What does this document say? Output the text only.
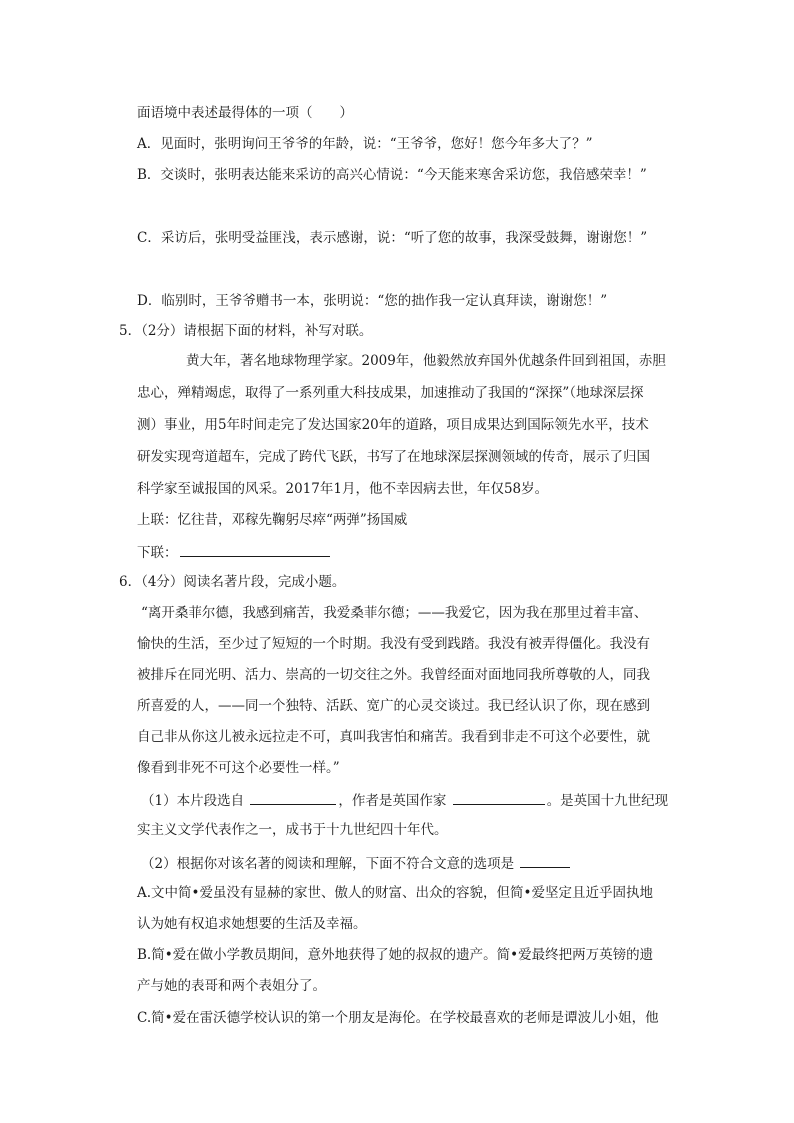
面语境中表述最得体的一项（　　）
A．见面时，张明询问王爷爷的年龄，说：“王爷爷，您好！您今年多大了？”
B．交谈时，张明表达能来采访的高兴心情说：“今天能来寒舍采访您，我倍感荣幸！”
C．采访后，张明受益匪浅，表示感谢，说：“听了您的故事，我深受鼓舞，谢谢您！”
D．临别时，王爷爷赠书一本，张明说：“您的拙作我一定认真拜读，谢谢您！”
5．（2分）请根据下面的材料，补写对联。
黄大年，著名地球物理学家。2009年，他毅然放弃国外优越条件回到祖国，赤胆
忠心，殚精竭虑，取得了一系列重大科技成果，加速推动了我国的“深探”（地球深层探
测）事业，用5年时间走完了发达国家20年的道路，项目成果达到国际领先水平，技术
研发实现弯道超车，完成了跨代飞跃，书写了在地球深层探测领域的传奇，展示了归国
科学家至诚报国的风采。2017年1月，他不幸因病去世，年仅58岁。
上联：忆往昔，邓稼先鞠躬尽瘁“两弹”扬国威
下联：
6．（4分）阅读名著片段，完成小题。
“离开桑菲尔德，我感到痛苦，我爱桑菲尔德；——我爱它，因为我在那里过着丰富、
愉快的生活，至少过了短短的一个时期。我没有受到践踏。我没有被弄得僵化。我没有
被排斥在同光明、活力、崇高的一切交往之外。我曾经面对面地同我所尊敬的人，同我
所喜爱的人，——同一个独特、活跃、宽广的心灵交谈过。我已经认识了你，现在感到
自己非从你这儿被永远拉走不可，真叫我害怕和痛苦。我看到非走不可这个必要性，就
像看到非死不可这个必要性一样。”
（1）本片段选自	，作者是英国作家	。是英国十九世纪现
实主义文学代表作之一，成书于十九世纪四十年代。
（2）根据你对该名著的阅读和理解，下面不符合文意的选项是
A.文中简•爱虽没有显赫的家世、傲人的财富、出众的容貌，但简•爱坚定且近乎固执地
认为她有权追求她想要的生活及幸福。
B.简•爱在做小学教员期间，意外地获得了她的叔叔的遗产。简•爱最终把两万英镑的遗
产与她的表哥和两个表姐分了。
C.简•爱在雷沃德学校认识的第一个朋友是海伦。在学校最喜欢的老师是谭波儿小姐，他
